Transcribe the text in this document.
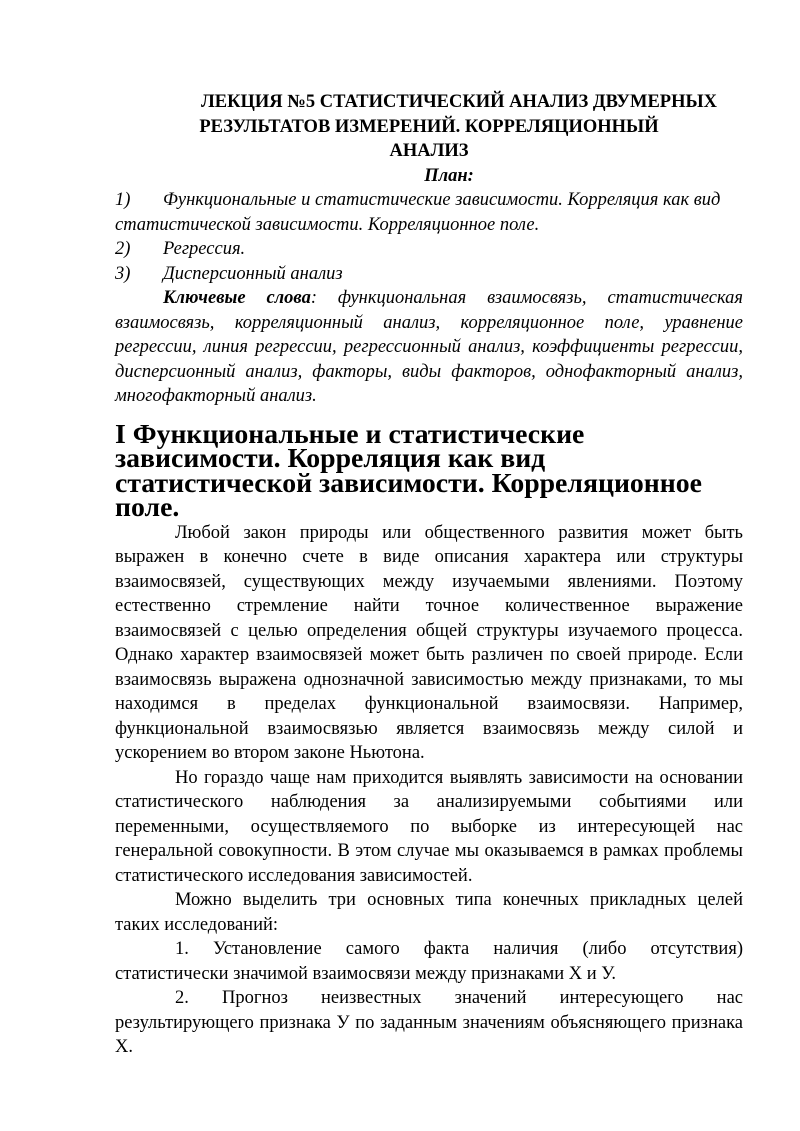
ЛЕКЦИЯ №5 СТАТИСТИЧЕСКИЙ АНАЛИЗ ДВУМЕРНЫХ

РЕЗУЛЬТАТОВ ИЗМЕРЕНИЙ. КОРРЕЛЯЦИОННЫЙ АНАЛИЗ

План:

1) Функциональные и статистические зависимости. Корреляция как вид статистической зависимости. Корреляционное поле.
2) Регрессия.
3) Дисперсионный анализ

Ключевые слова: функциональная взаимосвязь, статистическая взаимосвязь, корреляционный анализ, корреляционное поле, уравнение регрессии, линия регрессии, регрессионный анализ, коэффициенты регрессии, дисперсионный анализ, факторы, виды факторов, однофакторный анализ, многофакторный анализ.

I Функциональные и статистические зависимости. Корреляция как вид статистической зависимости. Корреляционное поле.

Любой закон природы или общественного развития может быть выражен в конечно счете в виде описания характера или структуры взаимосвязей, существующих между изучаемыми явлениями. Поэтому естественно стремление найти точное количественное выражение взаимосвязей с целью определения общей структуры изучаемого процесса. Однако характер взаимосвязей может быть различен по своей природе. Если взаимосвязь выражена однозначной зависимостью между признаками, то мы находимся в пределах функциональной взаимосвязи. Например, функциональной взаимосвязью является взаимосвязь между силой и ускорением во втором законе Ньютона.

Но гораздо чаще нам приходится выявлять зависимости на основании статистического наблюдения за анализируемыми событиями или переменными, осуществляемого по выборке из интересующей нас генеральной совокупности. В этом случае мы оказываемся в рамках проблемы статистического исследования зависимостей.

Можно выделить три основных типа конечных прикладных целей таких исследований:

1. Установление самого факта наличия (либо отсутствия) статистически значимой взаимосвязи между признаками X и У.

2. Прогноз неизвестных значений интересующего нас результирующего признака У по заданным значениям объясняющего признака X.
